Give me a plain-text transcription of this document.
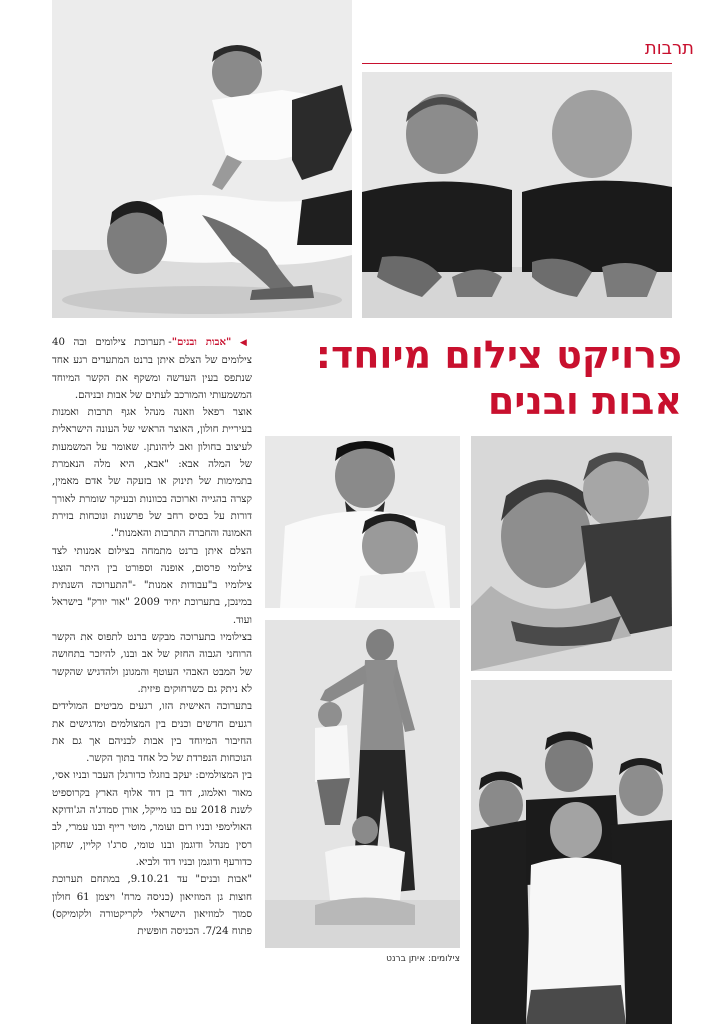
תרבות
פרויקט צילום מיוחד:
אבות ובנים

◀ "אבות ובנים"- תערוכת צילומים ובה 40 צילומים של הצלם איתן ברנט המתעדים רגע אחד שנתפס בעין העדשה ומשקף את הקשר המיוחד המשמעותי והמורכב לעתים של אבות ובניהם.

אוצר רפאל וזאנה מנהל אגף תרבות ואמנות בעיריית חולון, האוצר הראשי של העונה הישראלית לעיצוב בחולון ואב ליהונתן. שאומר על המשמעות של המלה אבא: "אבא, היא מלה הנאמרת בתמימות של תינוק או בזעקה של אדם מאמין, קצרה בהגייה וארוכה בכוונות ובעיקר שומרת לאורך דורות על בסיס רחב של פרשנות ונוכחות בזירת האמונה והחברה התרבות והאמנות".

הצלם איתן ברנט מתמחה בצילום אמנותי לצד צילומי פרסום, אופנה וספורט בין היתר הוצגו צילומיו ב"עבודות אמנות" -"התערוכה השנתית במינכן, בתערוכת יחיד 2009 "אור יורק" בישראל ועוד.

בצילומיו בתערוכה מבקש ברנט לתפוס את הקשר הרוחני הגבוה החזק של אב ובנו, להיזכר בתחושה של המבט האבהי העוטף והמגונן ולהדגיש שהקשר לא ניתק גם כשרחוקים פיזית.

בתערוכה האישית הזו, רגעים מביטים המולידים רגעים חדשים וכנים בין המצולמים ומדגישים את החיבור המיוחד בין אבות לבניהם אך גם את הנוכחות הנפרדת של כל אחד בתוך הקשר.

בין המצולמים: יעקב בוזגלו כדורגלן העבר ובניו אסי, מאור ואלמוג, דוד בן דוד אלוף הארץ בקרוספיט לשנת 2018 עם בנו מייקל, אורן סמדג'ה הג'ודוקא האולימפי ובניו רום ועומר, מוטי רייף ובנו עמרי, לב רסין מנהל ודוגמן ובנו טומי, סרג'ו קליין, שחקן כדורעף ודוגמן ובניו דוד ולביא.

"אבות ובנים" עד 9.10.21, במתחם תערוכת חוצות גן המוזיאון (כניסה מרח' ויצמן 61 חולון סמוך למוזיאון הישראלי לקריקטורה ולקומיקס) פתוח 7/24. הכניסה חופשית

צילומים: איתן ברנט
